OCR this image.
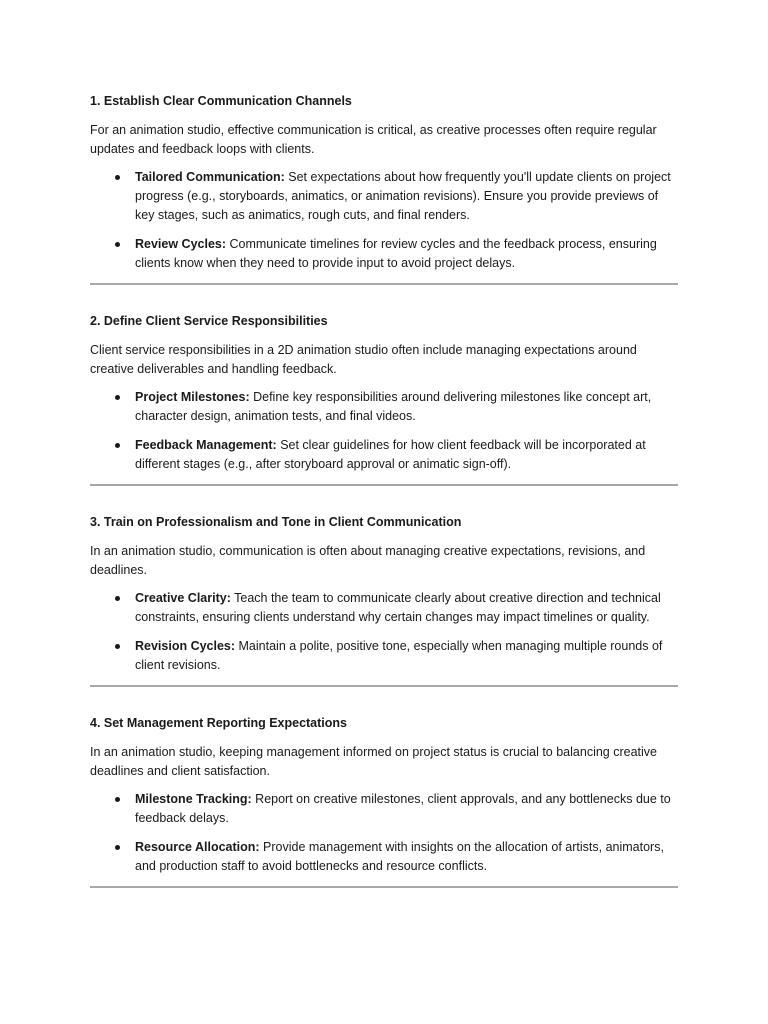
1. Establish Clear Communication Channels
For an animation studio, effective communication is critical, as creative processes often require regular updates and feedback loops with clients.
Tailored Communication: Set expectations about how frequently you'll update clients on project progress (e.g., storyboards, animatics, or animation revisions). Ensure you provide previews of key stages, such as animatics, rough cuts, and final renders.
Review Cycles: Communicate timelines for review cycles and the feedback process, ensuring clients know when they need to provide input to avoid project delays.
2. Define Client Service Responsibilities
Client service responsibilities in a 2D animation studio often include managing expectations around creative deliverables and handling feedback.
Project Milestones: Define key responsibilities around delivering milestones like concept art, character design, animation tests, and final videos.
Feedback Management: Set clear guidelines for how client feedback will be incorporated at different stages (e.g., after storyboard approval or animatic sign-off).
3. Train on Professionalism and Tone in Client Communication
In an animation studio, communication is often about managing creative expectations, revisions, and deadlines.
Creative Clarity: Teach the team to communicate clearly about creative direction and technical constraints, ensuring clients understand why certain changes may impact timelines or quality.
Revision Cycles: Maintain a polite, positive tone, especially when managing multiple rounds of client revisions.
4. Set Management Reporting Expectations
In an animation studio, keeping management informed on project status is crucial to balancing creative deadlines and client satisfaction.
Milestone Tracking: Report on creative milestones, client approvals, and any bottlenecks due to feedback delays.
Resource Allocation: Provide management with insights on the allocation of artists, animators, and production staff to avoid bottlenecks and resource conflicts.
